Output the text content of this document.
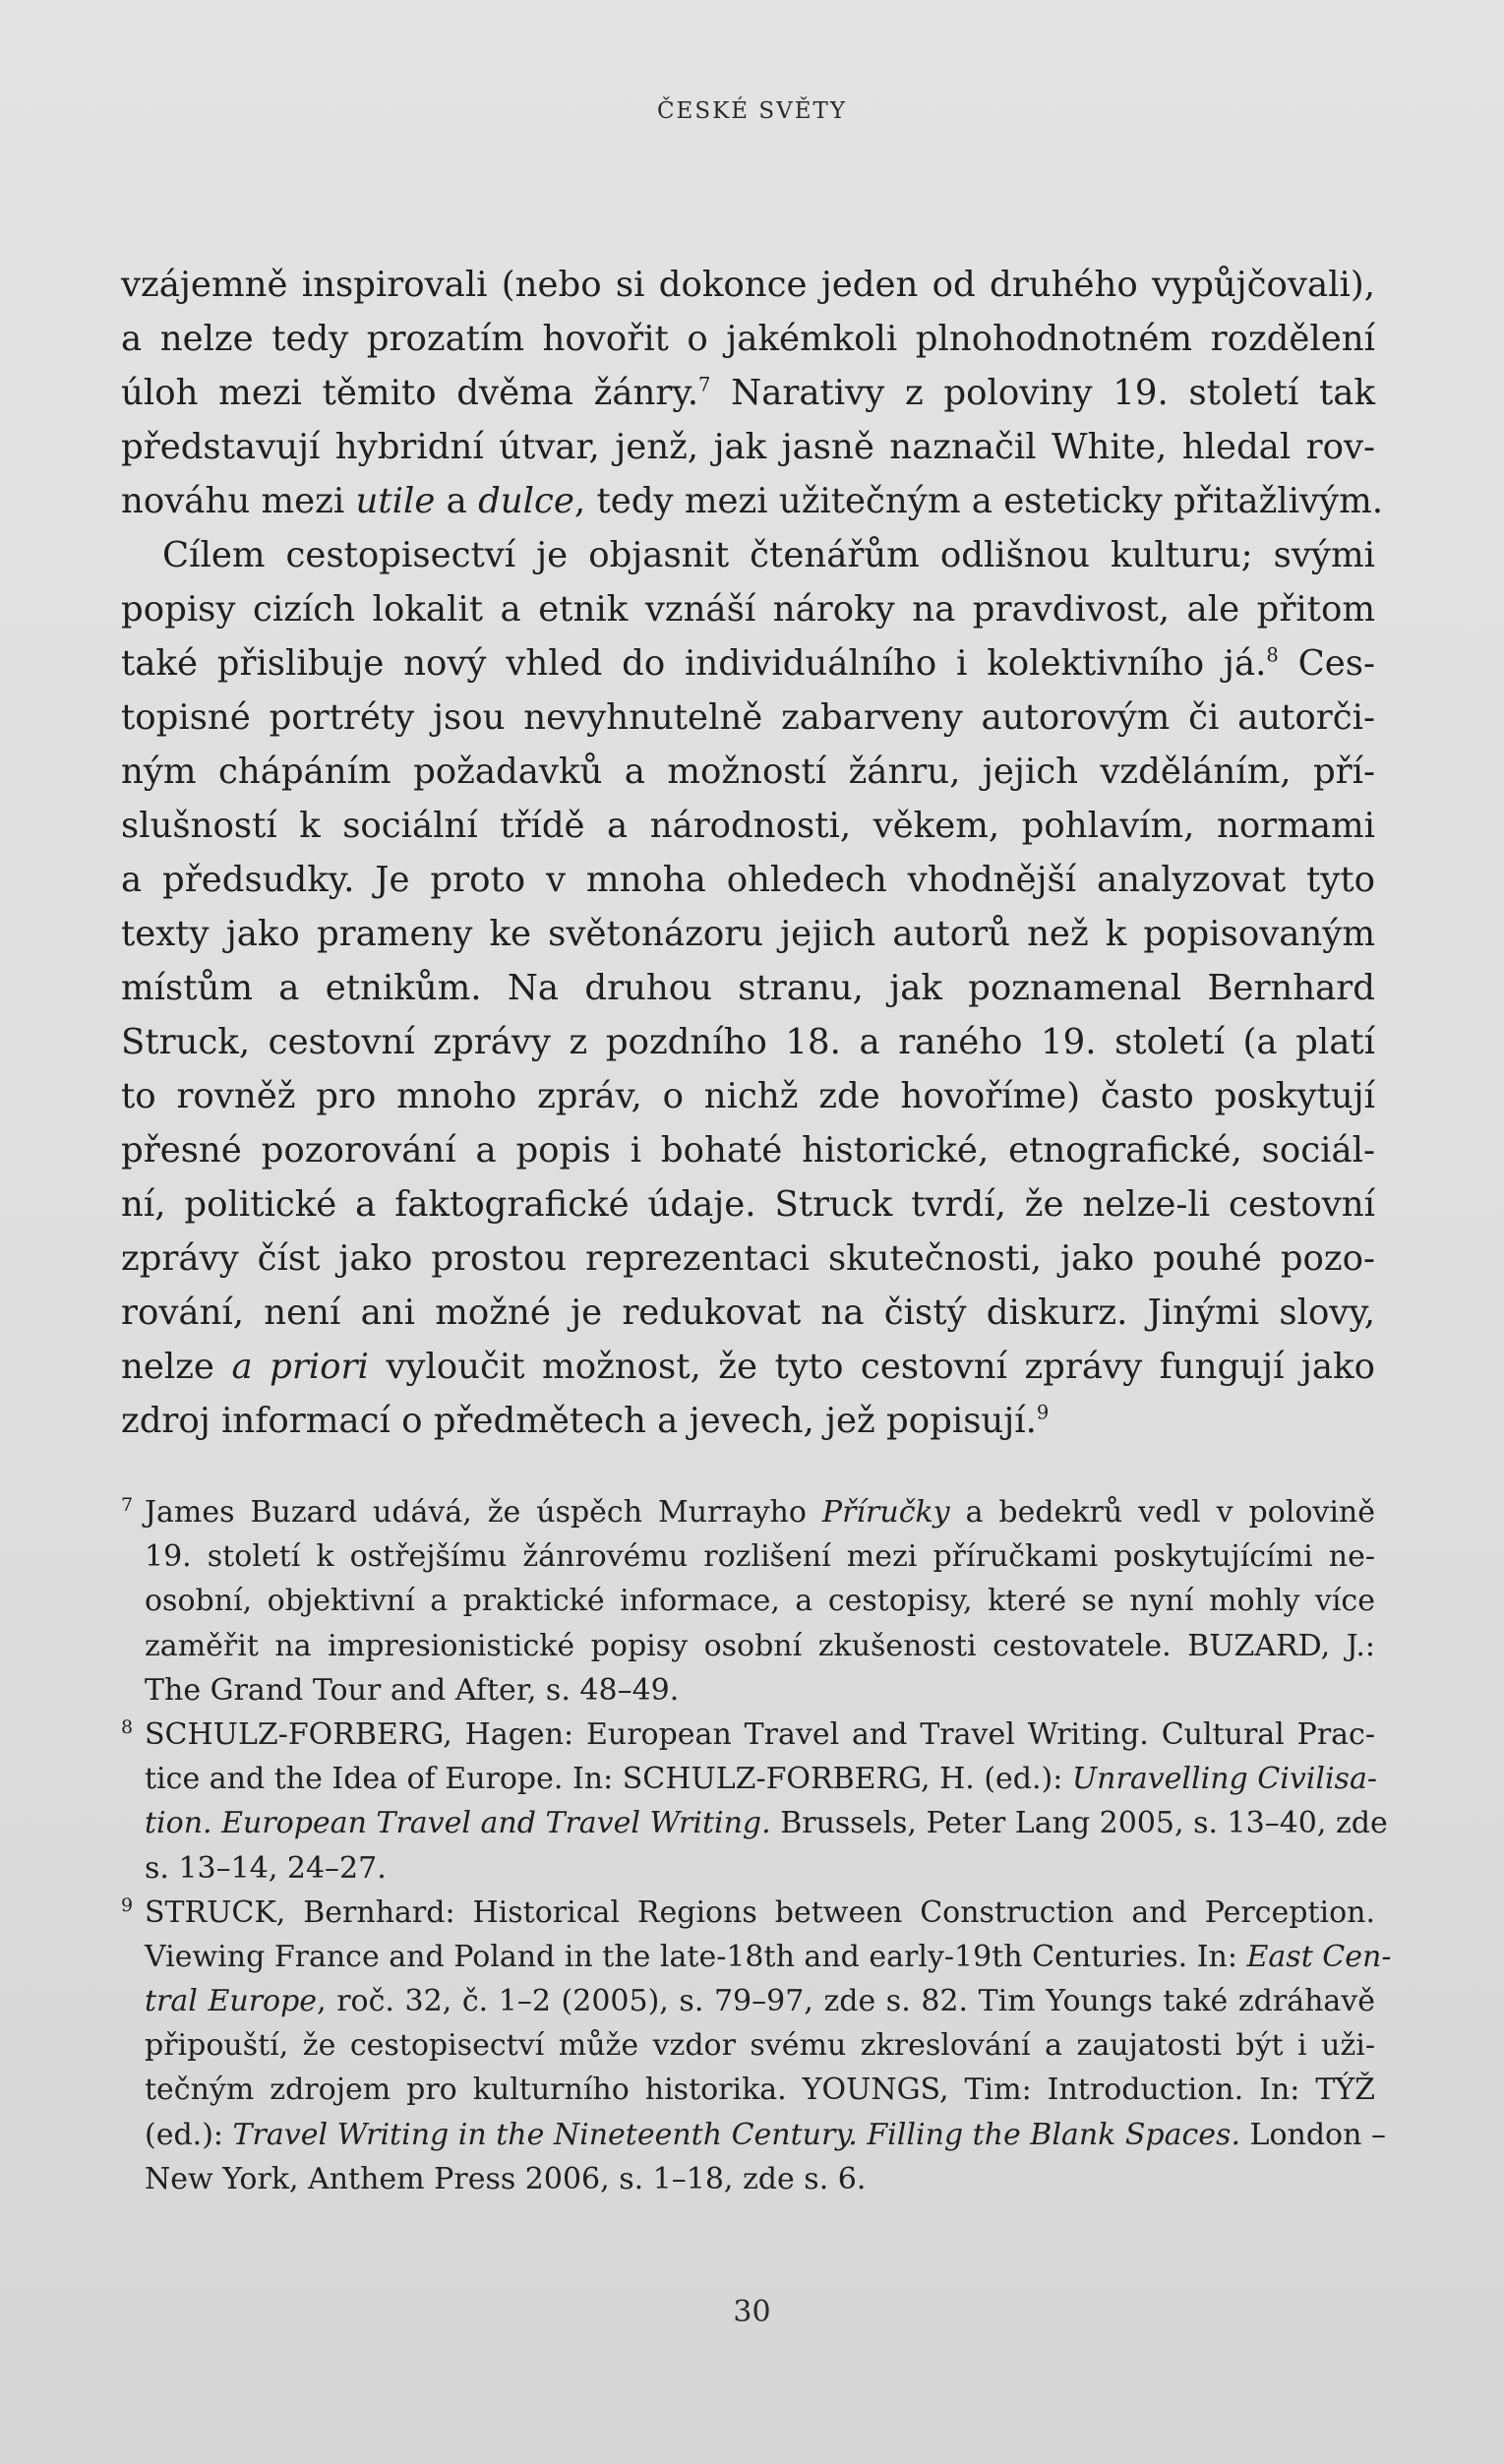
ČESKÉ SVĚTY
vzájemně inspirovali (nebo si dokonce jeden od druhého vypůjčovali),
a nelze tedy prozatím hovořit o jakémkoli plnohodnotném rozdělení
úloh mezi těmito dvěma žánry.$^7$ Narativy z poloviny 19. století tak
představují hybridní útvar, jenž, jak jasně naznačil White, hledal rov-
nováhu mezi utile a dulce, tedy mezi užitečným a esteticky přitažlivým.
Cílem cestopisectví je objasnit čtenářům odlišnou kulturu; svými
popisy cizích lokalit a etnik vznáší nároky na pravdivost, ale přitom
také přislibuje nový vhled do individuálního i kolektivního já.$^8$ Ces-
topisné portréty jsou nevyhnutelně zabarveny autorovým či autorči-
ným chápáním požadavků a možností žánru, jejich vzděláním, pří-
slušností k sociální třídě a národnosti, věkem, pohlavím, normami
a předsudky. Je proto v mnoha ohledech vhodnější analyzovat tyto
texty jako prameny ke světonázoru jejich autorů než k popisovaným
místům a etnikům. Na druhou stranu, jak poznamenal Bernhard
Struck, cestovní zprávy z pozdního 18. a raného 19. století (a platí
to rovněž pro mnoho zpráv, o nichž zde hovoříme) často poskytují
přesné pozorování a popis i bohaté historické, etnografické, sociál-
ní, politické a faktografické údaje. Struck tvrdí, že nelze-li cestovní
zprávy číst jako prostou reprezentaci skutečnosti, jako pouhé pozo-
rování, není ani možné je redukovat na čistý diskurz. Jinými slovy,
nelze a priori vyloučit možnost, že tyto cestovní zprávy fungují jako
zdroj informací o předmětech a jevech, jež popisují.$^9$
7 James Buzard udává, že úspěch Murrayho Příručky a bedekrů vedl v polovině
19. století k ostřejšímu žánrovému rozlišení mezi příručkami poskytujícími ne-
osobní, objektivní a praktické informace, a cestopisy, které se nyní mohly více
zaměřit na impresionistické popisy osobní zkušenosti cestovatele. BUZARD, J.:
The Grand Tour and After, s. 48–49.
8 SCHULZ-FORBERG, Hagen: European Travel and Travel Writing. Cultural Prac-
tice and the Idea of Europe. In: SCHULZ-FORBERG, H. (ed.): Unravelling Civilisa-
tion. European Travel and Travel Writing. Brussels, Peter Lang 2005, s. 13–40, zde
s. 13–14, 24–27.
9 STRUCK, Bernhard: Historical Regions between Construction and Perception.
Viewing France and Poland in the late-18th and early-19th Centuries. In: East Cen-
tral Europe, roč. 32, č. 1–2 (2005), s. 79–97, zde s. 82. Tim Youngs také zdráhavě
připouští, že cestopisectví může vzdor svému zkreslování a zaujatosti být i uži-
tečným zdrojem pro kulturního historika. YOUNGS, Tim: Introduction. In: TÝŽ
(ed.): Travel Writing in the Nineteenth Century. Filling the Blank Spaces. London –
New York, Anthem Press 2006, s. 1–18, zde s. 6.
30
